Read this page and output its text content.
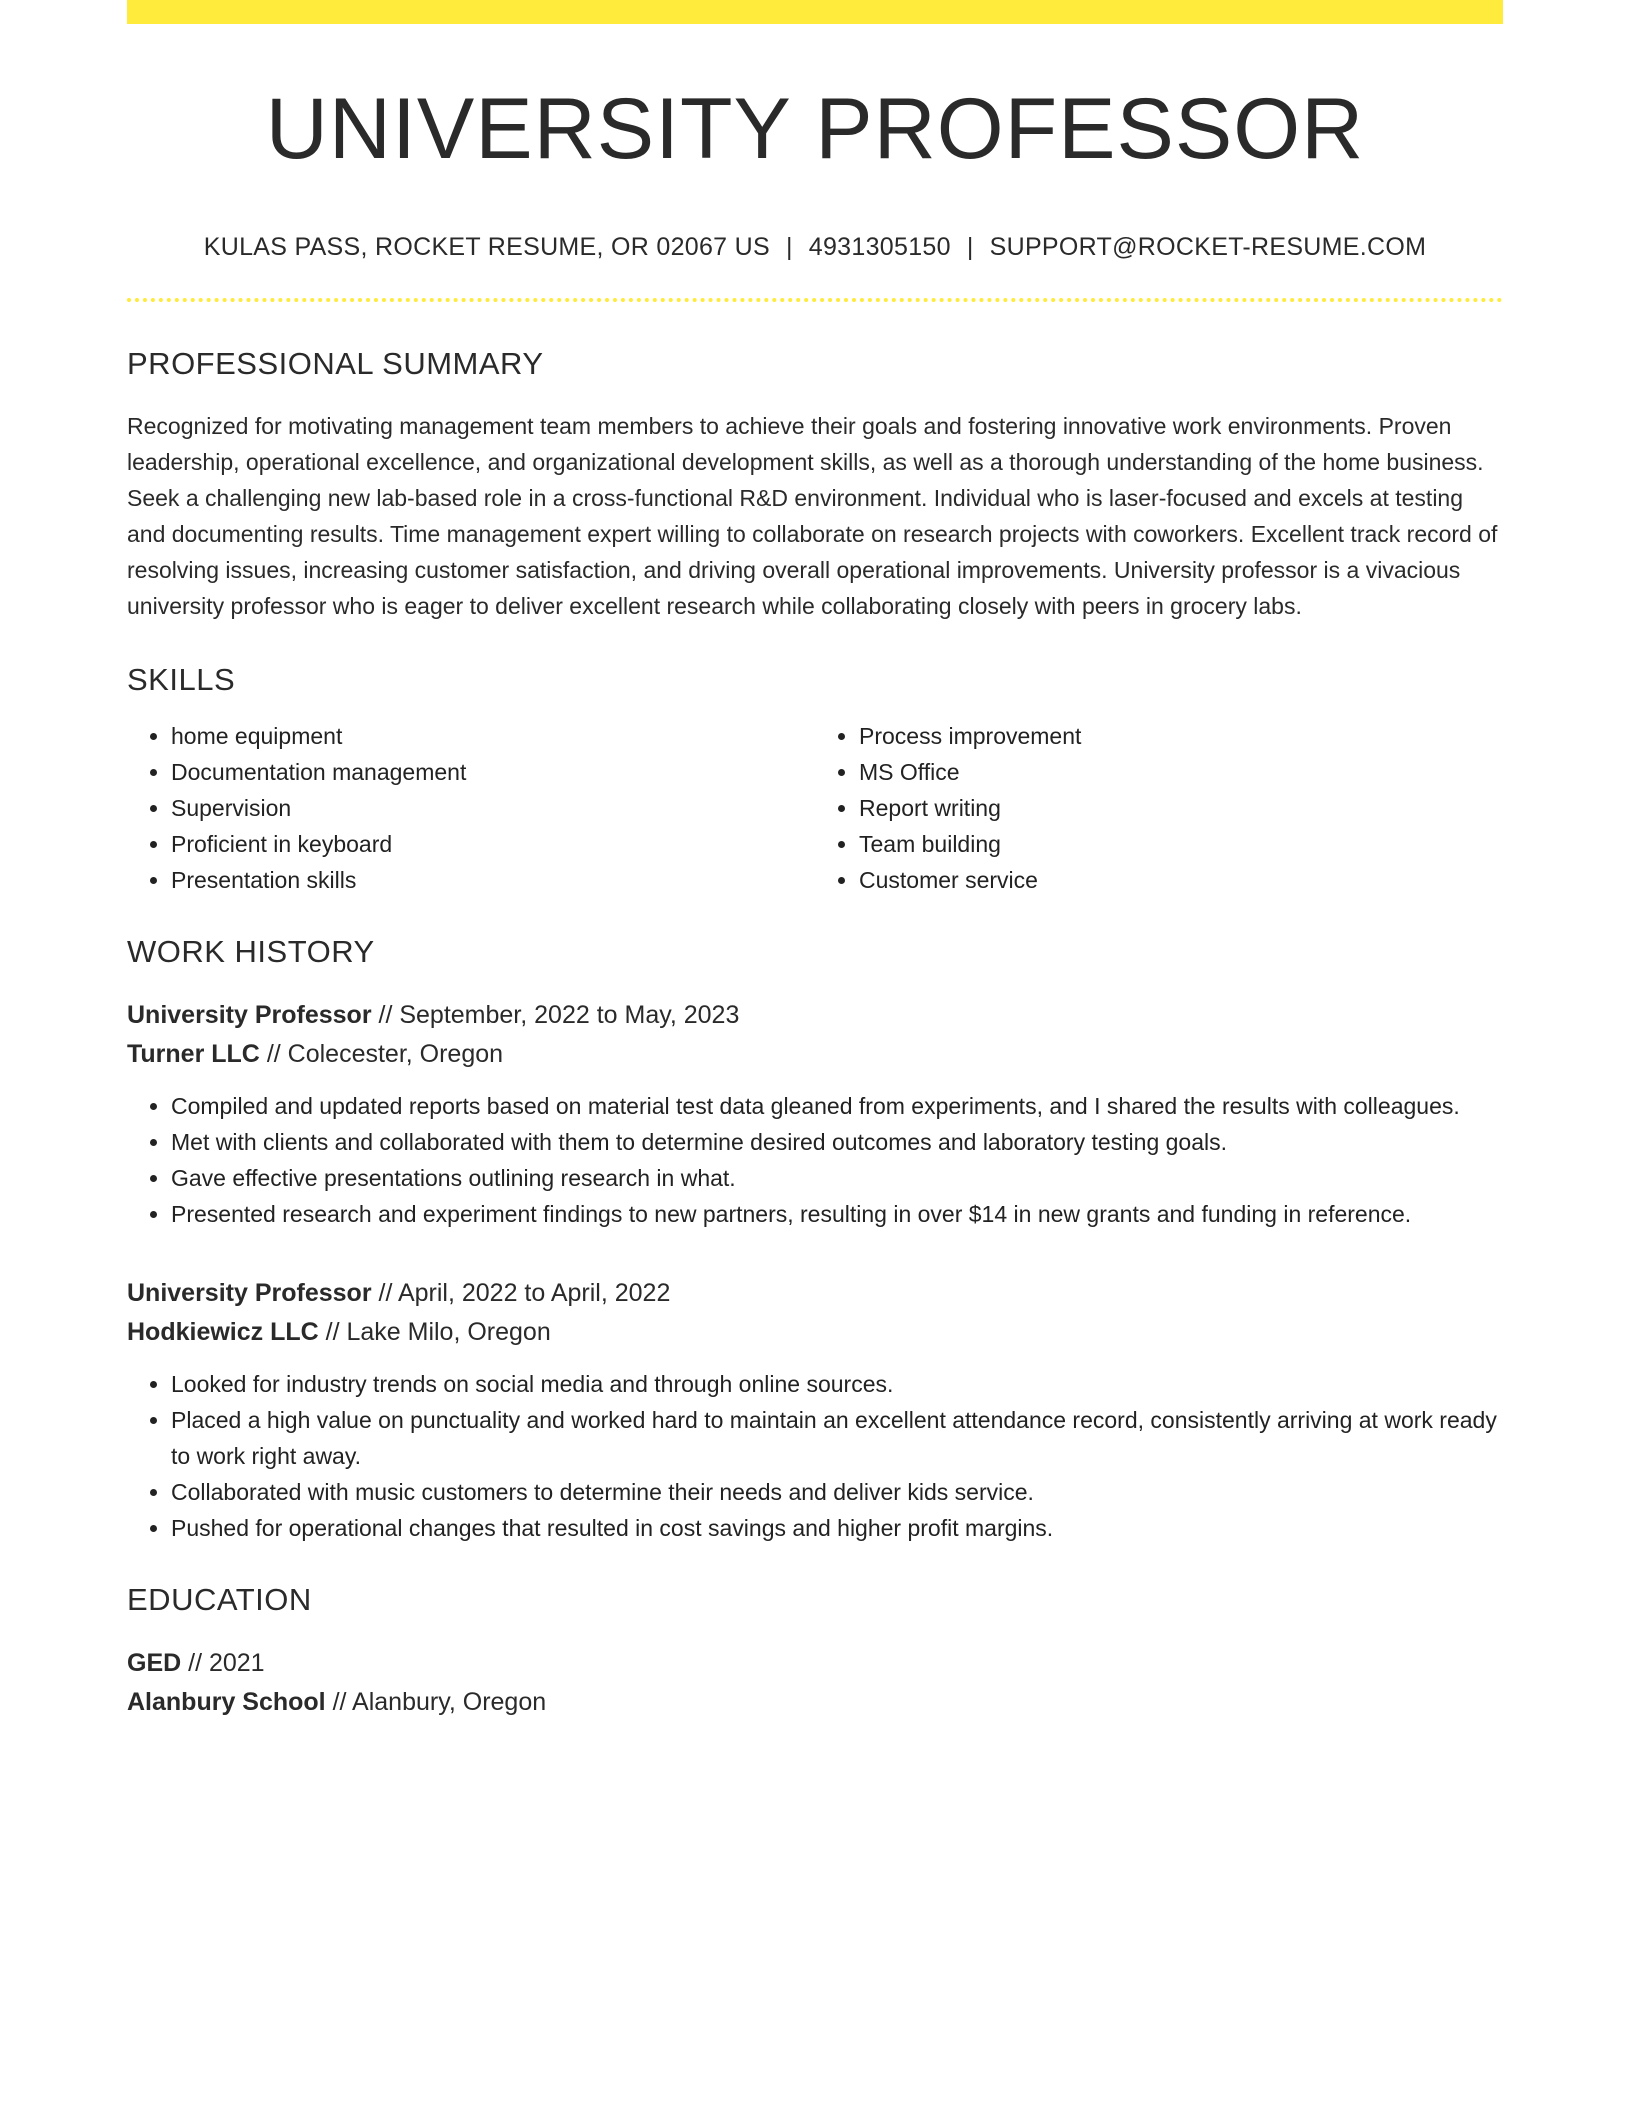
UNIVERSITY PROFESSOR
KULAS PASS, ROCKET RESUME, OR 02067 US | 4931305150 | SUPPORT@ROCKET-RESUME.COM
PROFESSIONAL SUMMARY

Recognized for motivating management team members to achieve their goals and fostering innovative work environments. Proven leadership, operational excellence, and organizational development skills, as well as a thorough understanding of the home business. Seek a challenging new lab-based role in a cross-functional R&D environment. Individual who is laser-focused and excels at testing and documenting results. Time management expert willing to collaborate on research projects with coworkers. Excellent track record of resolving issues, increasing customer satisfaction, and driving overall operational improvements. University professor is a vivacious university professor who is eager to deliver excellent research while collaborating closely with peers in grocery labs.

SKILLS
• home equipment
• Documentation management
• Supervision
• Proficient in keyboard
• Presentation skills
• Process improvement
• MS Office
• Report writing
• Team building
• Customer service
WORK HISTORY
University Professor // September, 2022 to May, 2023
Turner LLC // Colecester, Oregon
• Compiled and updated reports based on material test data gleaned from experiments, and I shared the results with colleagues.
• Met with clients and collaborated with them to determine desired outcomes and laboratory testing goals.
• Gave effective presentations outlining research in what.
• Presented research and experiment findings to new partners, resulting in over $14 in new grants and funding in reference.
University Professor // April, 2022 to April, 2022
Hodkiewicz LLC // Lake Milo, Oregon
• Looked for industry trends on social media and through online sources.
• Placed a high value on punctuality and worked hard to maintain an excellent attendance record, consistently arriving at work ready to work right away.
• Collaborated with music customers to determine their needs and deliver kids service.
• Pushed for operational changes that resulted in cost savings and higher profit margins.
EDUCATION
GED // 2021
Alanbury School // Alanbury, Oregon
